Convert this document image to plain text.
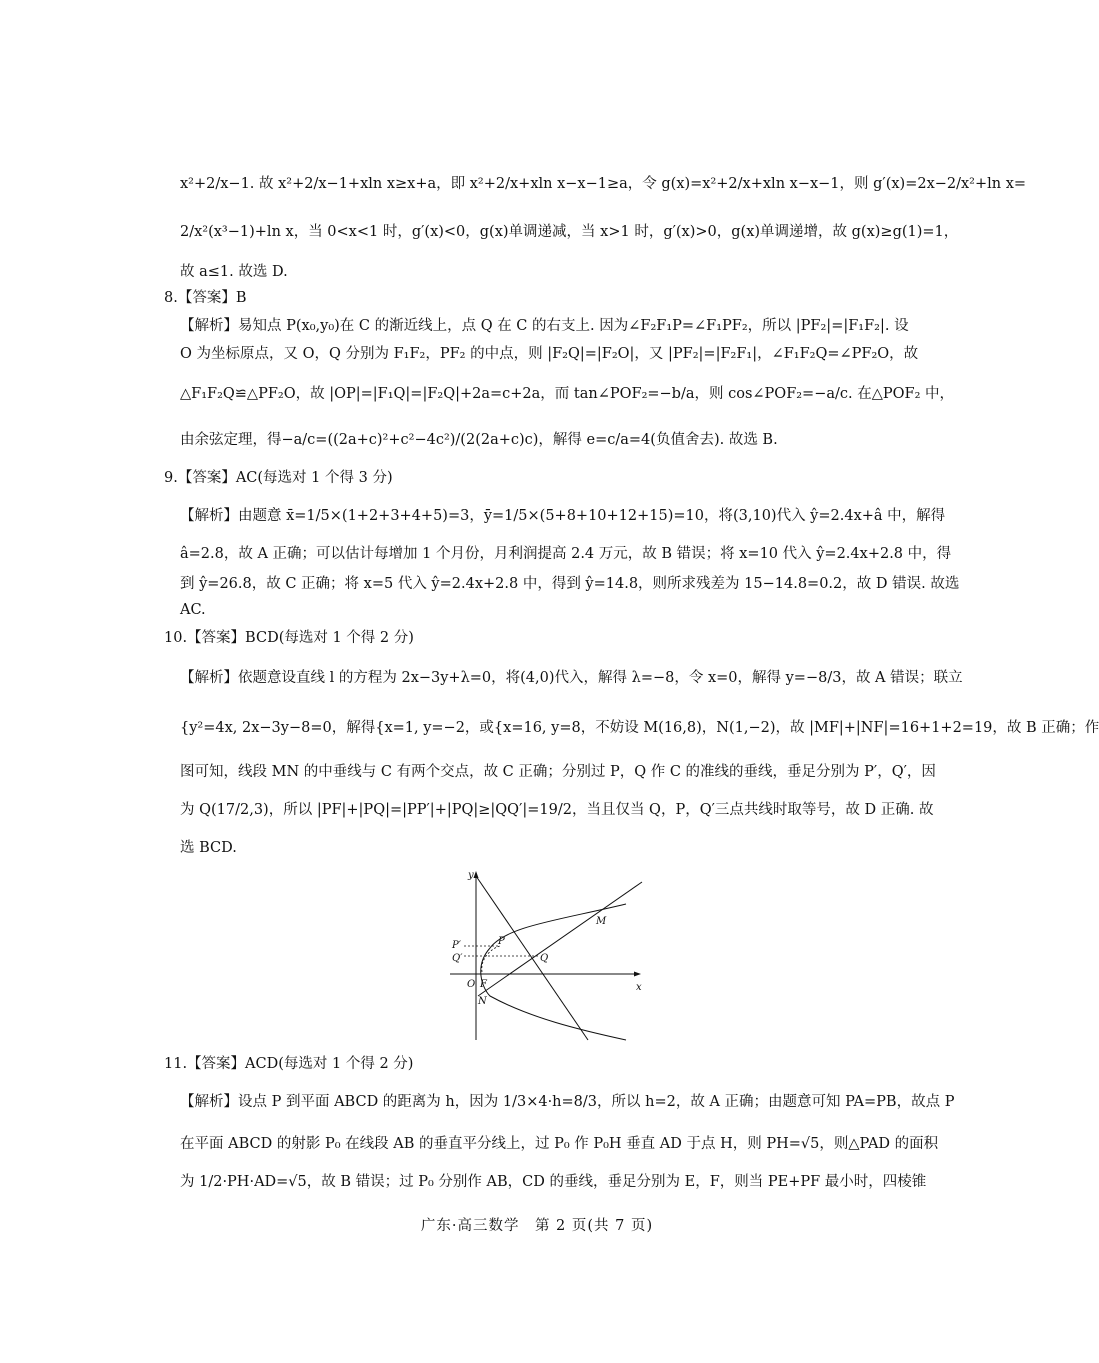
x²+2/x−1. 故 x²+2/x−1+xln x≥x+a，即 x²+2/x+xln x−x−1≥a，令 g(x)=x²+2/x+xln x−x−1，则 g′(x)=2x−2/x²+ln x=
2/x²(x³−1)+ln x，当 0<x<1 时，g′(x)<0，g(x)单调递减，当 x>1 时，g′(x)>0，g(x)单调递增，故 g(x)≥g(1)=1，
故 a≤1. 故选 D.
8.【答案】B
【解析】易知点 P(x₀,y₀)在 C 的渐近线上，点 Q 在 C 的右支上. 因为∠F₂F₁P=∠F₁PF₂，所以 |PF₂|=|F₁F₂|. 设
O 为坐标原点，又 O，Q 分别为 F₁F₂，PF₂ 的中点，则 |F₂Q|=|F₂O|，又 |PF₂|=|F₂F₁|，∠F₁F₂Q=∠PF₂O，故
△F₁F₂Q≌△PF₂O，故 |OP|=|F₁Q|=|F₂Q|+2a=c+2a，而 tan∠POF₂=−b/a，则 cos∠POF₂=−a/c. 在△POF₂ 中，
由余弦定理，得−a/c=((2a+c)²+c²−4c²)/(2(2a+c)c)，解得 e=c/a=4(负值舍去). 故选 B.
9.【答案】AC(每选对 1 个得 3 分)
【解析】由题意 x̄=1/5×(1+2+3+4+5)=3，ȳ=1/5×(5+8+10+12+15)=10，将(3,10)代入 ŷ=2.4x+â 中，解得
â=2.8，故 A 正确；可以估计每增加 1 个月份，月利润提高 2.4 万元，故 B 错误；将 x=10 代入 ŷ=2.4x+2.8 中，得
到 ŷ=26.8，故 C 正确；将 x=5 代入 ŷ=2.4x+2.8 中，得到 ŷ=14.8，则所求残差为 15−14.8=0.2，故 D 错误. 故选
AC.
10.【答案】BCD(每选对 1 个得 2 分)
【解析】依题意设直线 l 的方程为 2x−3y+λ=0，将(4,0)代入，解得 λ=−8，令 x=0，解得 y=−8/3，故 A 错误；联立
{y²=4x, 2x−3y−8=0，解得{x=1, y=−2，或{x=16, y=8，不妨设 M(16,8)，N(1,−2)，故 |MF|+|NF|=16+1+2=19，故 B 正确；作
图可知，线段 MN 的中垂线与 C 有两个交点，故 C 正确；分别过 P，Q 作 C 的准线的垂线，垂足分别为 P′，Q′，因
为 Q(17/2,3)，所以 |PF|+|PQ|=|PP′|+|PQ|≥|QQ′|=19/2，当且仅当 Q，P，Q′三点共线时取等号，故 D 正确. 故
选 BCD.
y
x
M
P
P′
Q′	Q
O F
N
11.【答案】ACD(每选对 1 个得 2 分)
【解析】设点 P 到平面 ABCD 的距离为 h，因为 1/3×4·h=8/3，所以 h=2，故 A 正确；由题意可知 PA=PB，故点 P
在平面 ABCD 的射影 P₀ 在线段 AB 的垂直平分线上，过 P₀ 作 P₀H 垂直 AD 于点 H，则 PH=√5，则△PAD 的面积
为 1/2·PH·AD=√5，故 B 错误；过 P₀ 分别作 AB，CD 的垂线，垂足分别为 E，F，则当 PE+PF 最小时，四棱锥
广东·高三数学　第 2 页(共 7 页)
